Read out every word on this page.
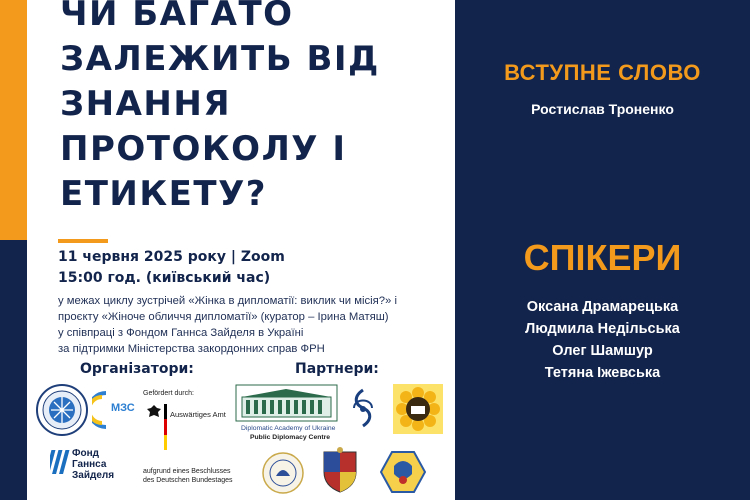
ЧИ БАГАТО
ЗАЛЕЖИТЬ ВІД
ЗНАННЯ
ПРОТОКОЛУ І
ЕТИКЕТУ?
11 червня 2025 року | Zoom
15:00 год. (київський час)
у межах циклу зустрічей «Жінка в дипломатії: виклик чи місія?» і
проєкту «Жіноче обличчя дипломатії» (куратор – Ірина Матяш)
у співпраці з Фондом Ганнса Зайделя в Україні
за підтримки Міністерства закордонних справ ФРН
Організатори:	Партнери:
МЗС
Gefördert durch:
Auswärtiges Amt
Фонд
Ганнса
Зайделя	aufgrund eines Beschlusses
des Deutschen Bundestages
Diplomatic Academy of Ukraine
Public Diplomacy Centre
ВСТУПНЕ СЛОВО
Ростислав Троненко
СПІКЕРИ
Оксана Драмарецька
Людмила Недільська
Олег Шамшур
Тетяна Іжевська
